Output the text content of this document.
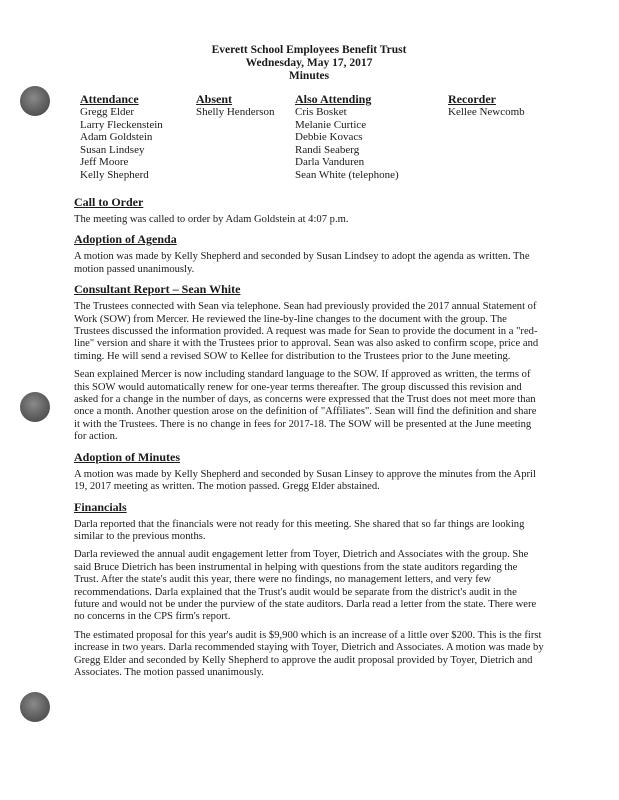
Everett School Employees Benefit Trust
Wednesday, May 17, 2017
Minutes
Attendance
Gregg Elder
Larry Fleckenstein
Adam Goldstein
Susan Lindsey
Jeff Moore
Kelly Shepherd
Absent
Shelly Henderson
Also Attending
Cris Bosket
Melanie Curtice
Debbie Kovacs
Randi Seaberg
Darla Vanduren
Sean White (telephone)
Recorder
Kellee Newcomb
Call to Order

The meeting was called to order by Adam Goldstein at 4:07 p.m.

Adoption of Agenda

A motion was made by Kelly Shepherd and seconded by Susan Lindsey to adopt the agenda as written. The motion passed unanimously.

Consultant Report – Sean White

The Trustees connected with Sean via telephone. Sean had previously provided the 2017 annual Statement of Work (SOW) from Mercer. He reviewed the line-by-line changes to the document with the group. The Trustees discussed the information provided. A request was made for Sean to provide the document in a "red-line" version and share it with the Trustees prior to approval. Sean was also asked to confirm scope, price and timing. He will send a revised SOW to Kellee for distribution to the Trustees prior to the June meeting.

Sean explained Mercer is now including standard language to the SOW. If approved as written, the terms of this SOW would automatically renew for one-year terms thereafter. The group discussed this revision and asked for a change in the number of days, as concerns were expressed that the Trust does not meet more than once a month. Another question arose on the definition of "Affiliates". Sean will find the definition and share it with the Trustees. There is no change in fees for 2017-18. The SOW will be presented at the June meeting for action.

Adoption of Minutes

A motion was made by Kelly Shepherd and seconded by Susan Linsey to approve the minutes from the April 19, 2017 meeting as written. The motion passed. Gregg Elder abstained.

Financials

Darla reported that the financials were not ready for this meeting. She shared that so far things are looking similar to the previous months.

Darla reviewed the annual audit engagement letter from Toyer, Dietrich and Associates with the group. She said Bruce Dietrich has been instrumental in helping with questions from the state auditors regarding the Trust. After the state's audit this year, there were no findings, no management letters, and very few recommendations. Darla explained that the Trust's audit would be separate from the district's audit in the future and would not be under the purview of the state auditors. Darla read a letter from the state. There were no concerns in the CPS firm's report.

The estimated proposal for this year's audit is $9,900 which is an increase of a little over $200. This is the first increase in two years. Darla recommended staying with Toyer, Dietrich and Associates. A motion was made by Gregg Elder and seconded by Kelly Shepherd to approve the audit proposal provided by Toyer, Dietrich and Associates. The motion passed unanimously.
